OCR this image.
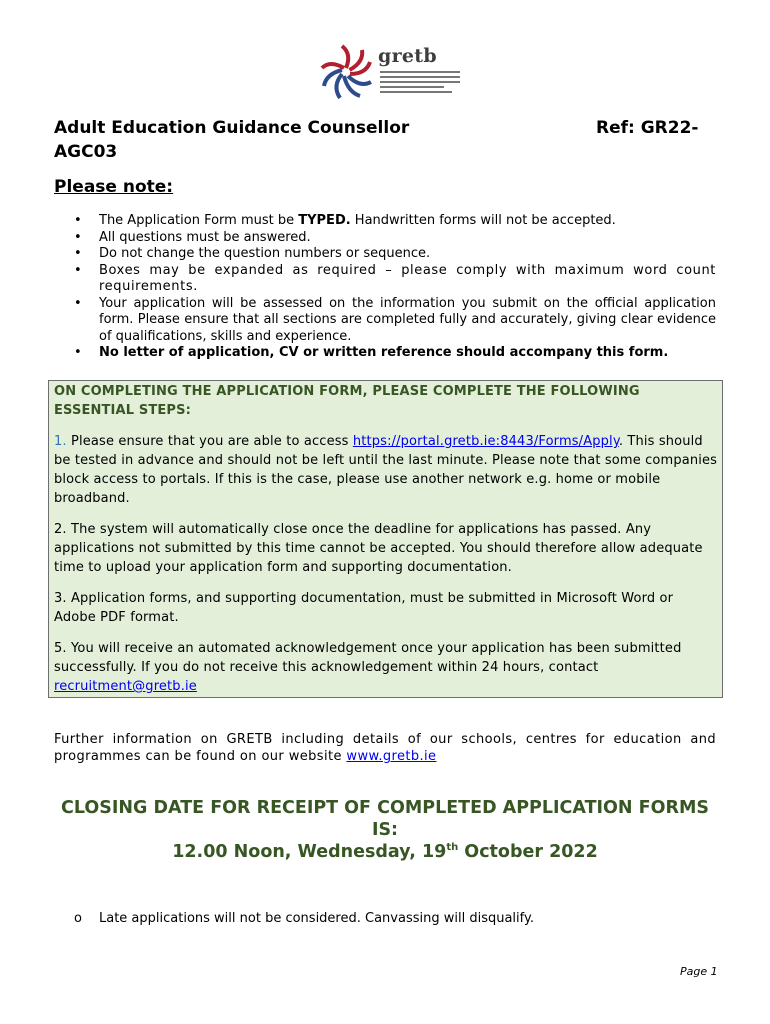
gretb
Adult Education Guidance Counsellor	Ref: GR22-

AGC03
Please note:
• The Application Form must be TYPED. Handwritten forms will not be accepted.
• All questions must be answered.
• Do not change the question numbers or sequence.
• Boxes may be expanded as required – please comply with maximum word count requirements.
• Your application will be assessed on the information you submit on the official application form. Please ensure that all sections are completed fully and accurately, giving clear evidence of qualifications, skills and experience.
• No letter of application, CV or written reference should accompany this form.

ON COMPLETING THE APPLICATION FORM, PLEASE COMPLETE THE FOLLOWING ESSENTIAL STEPS:

1. Please ensure that you are able to access https://portal.gretb.ie:8443/Forms/Apply. This should be tested in advance and should not be left until the last minute. Please note that some companies block access to portals. If this is the case, please use another network e.g. home or mobile broadband.

2. The system will automatically close once the deadline for applications has passed. Any applications not submitted by this time cannot be accepted. You should therefore allow adequate time to upload your application form and supporting documentation.

3. Application forms, and supporting documentation, must be submitted in Microsoft Word or Adobe PDF format.

5. You will receive an automated acknowledgement once your application has been submitted successfully. If you do not receive this acknowledgement within 24 hours, contact recruitment@gretb.ie

Further information on GRETB including details of our schools, centres for education and programmes can be found on our website www.gretb.ie
CLOSING DATE FOR RECEIPT OF COMPLETED APPLICATION FORMS IS:
12.00 Noon, Wednesday, 19th October 2022
o Late applications will not be considered. Canvassing will disqualify.
Page 1
